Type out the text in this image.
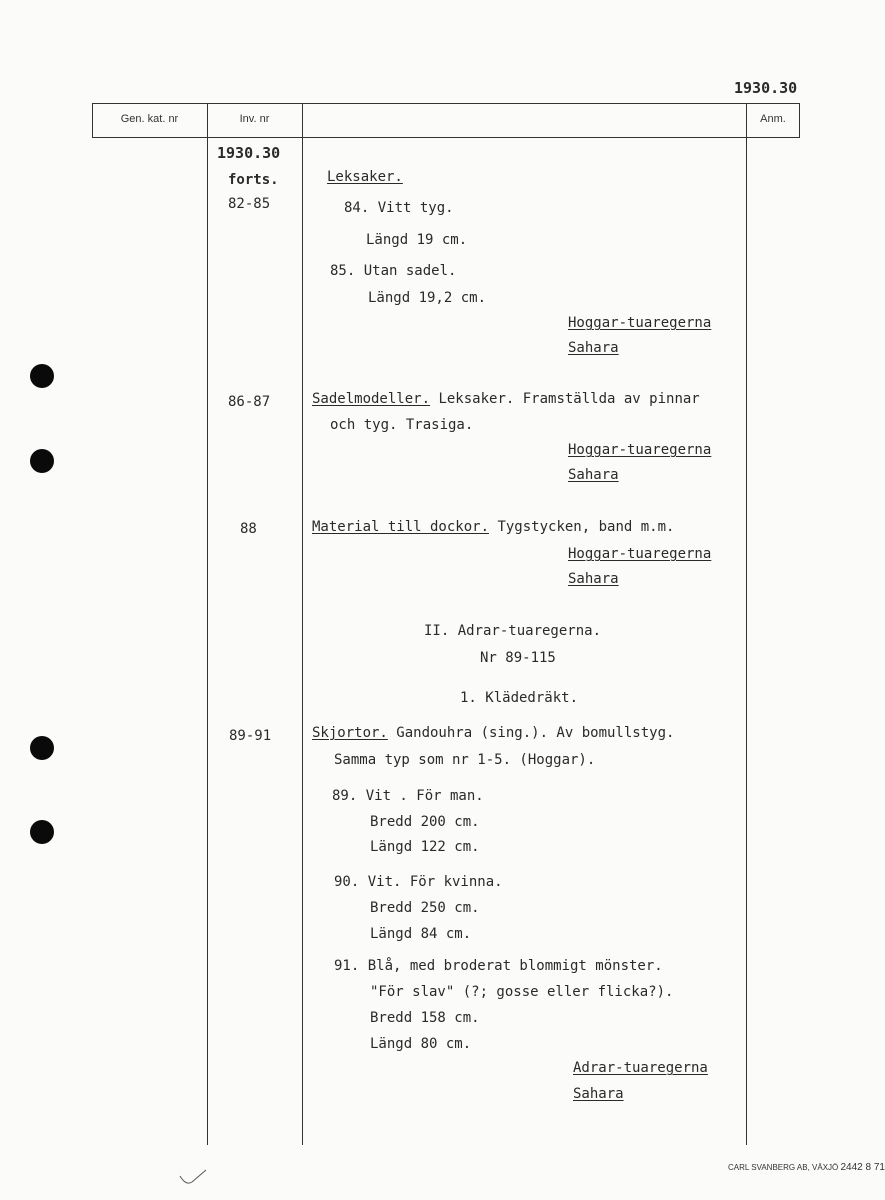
1930.30
Gen. kat. nr	Inv. nr	Anm.
1930.30
forts.
82-85
86-87
88
89-91
Leksaker.
84. Vitt tyg.
Längd 19 cm.
85. Utan sadel.
Längd 19,2 cm.
Hoggar-tuaregerna
Sahara
Sadelmodeller. Leksaker. Framställda av pinnar
och tyg. Trasiga.
Hoggar-tuaregerna
Sahara
Material till dockor. Tygstycken, band m.m.
Hoggar-tuaregerna
Sahara
II. Adrar-tuaregerna.
Nr 89-115
1. Klädedräkt.
Skjortor. Gandouhra (sing.). Av bomullstyg.
Samma typ som nr 1-5. (Hoggar).
89. Vit . För man.
Bredd 200 cm.
Längd 122 cm.
90. Vit. För kvinna.
Bredd 250 cm.
Längd 84 cm.
91. Blå, med broderat blommigt mönster.
"För slav" (?; gosse eller flicka?).
Bredd 158 cm.
Längd 80 cm.
Adrar-tuaregerna
Sahara
CARL SVANBERG AB, VÄXJÖ 2442 8 71
